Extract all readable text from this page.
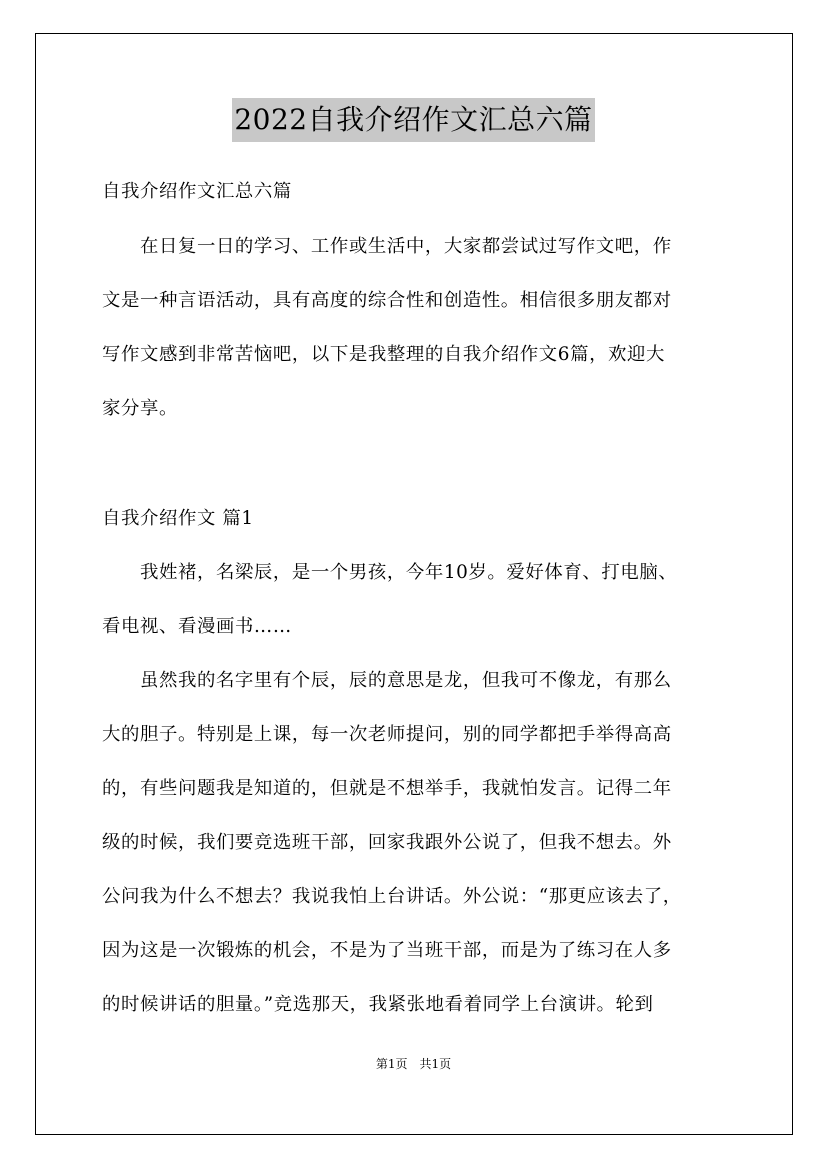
2022自我介绍作文汇总六篇
自我介绍作文汇总六篇
　　在日复一日的学习、工作或生活中，大家都尝试过写作文吧，作
文是一种言语活动，具有高度的综合性和创造性。相信很多朋友都对
写作文感到非常苦恼吧，以下是我整理的自我介绍作文6篇，欢迎大
家分享。
自我介绍作文 篇1
　　我姓褚，名梁辰，是一个男孩，今年10岁。爱好体育、打电脑、
看电视、看漫画书……
　　虽然我的名字里有个辰，辰的意思是龙，但我可不像龙，有那么
大的胆子。特别是上课，每一次老师提问，别的同学都把手举得高高
的，有些问题我是知道的，但就是不想举手，我就怕发言。记得二年
级的时候，我们要竞选班干部，回家我跟外公说了，但我不想去。外
公问我为什么不想去？我说我怕上台讲话。外公说：“那更应该去了，
因为这是一次锻炼的机会，不是为了当班干部，而是为了练习在人多
的时候讲话的胆量。”竞选那天，我紧张地看着同学上台演讲。轮到
第1页　共1页
